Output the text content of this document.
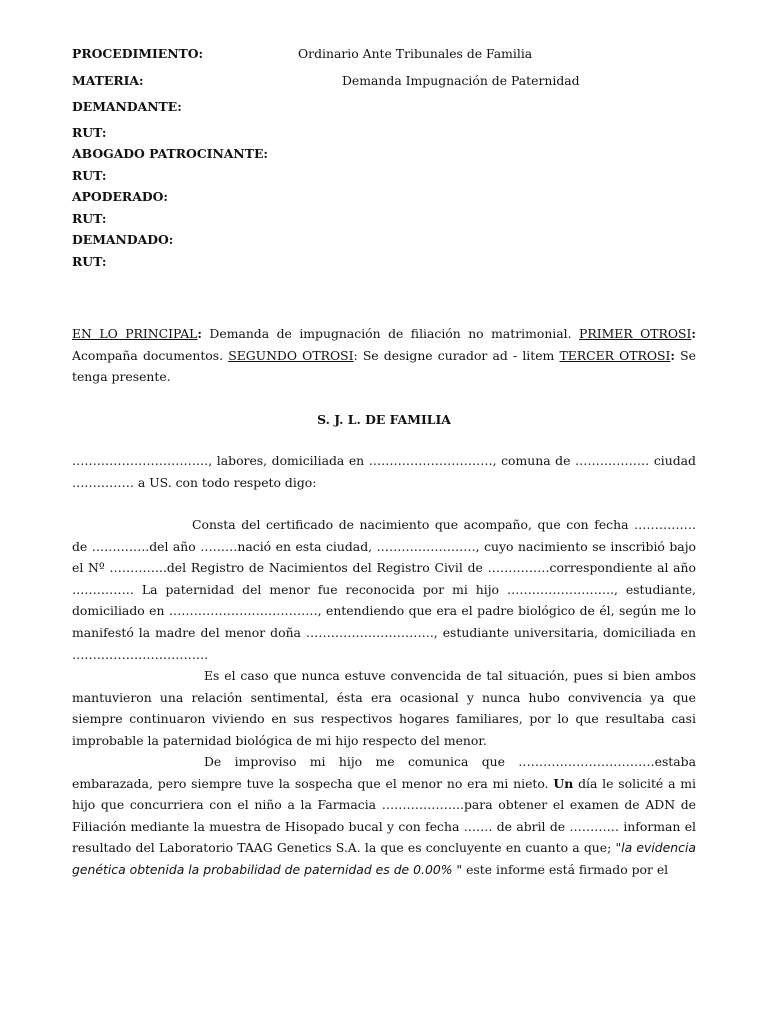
PROCEDIMIENTO:	Ordinario Ante Tribunales de Familia
MATERIA:	Demanda Impugnación de Paternidad
DEMANDANTE:
RUT:
ABOGADO PATROCINANTE:
RUT:
APODERADO:
RUT:
DEMANDADO:
RUT:
EN LO PRINCIPAL: Demanda de impugnación de filiación no matrimonial. PRIMER OTROSI: Acompaña documentos. SEGUNDO OTROSI: Se designe curador ad - litem TERCER OTROSI: Se tenga presente.
S. J. L. DE FAMILIA
……………………………, labores, domiciliada en …………………………, comuna de ……………… ciudad …………… a US. con todo respeto digo:
Consta del certificado de nacimiento que acompaño, que con fecha …………… de …………..del año ………nació en esta ciudad, ……………………, cuyo nacimiento se inscribió bajo el Nº …………..del Registro de Nacimientos del Registro Civil de ……………correspondiente al año …………… La paternidad del menor fue reconocida por mi hijo …………………….., estudiante, domiciliado en ………………………………, entendiendo que era el padre biológico de él, según me lo manifestó la madre del menor doña …………………………., estudiante universitaria, domiciliada en ……………………………
Es el caso que nunca estuve convencida de tal situación, pues si bien ambos mantuvieron una relación sentimental, ésta era ocasional y nunca hubo convivencia ya que siempre continuaron viviendo en sus respectivos hogares familiares, por lo que resultaba casi improbable la paternidad biológica de mi hijo respecto del menor.
De improviso mi hijo me comunica que ……………………………estaba embarazada, pero siempre tuve la sospecha que el menor no era mi nieto. Un día le solicité a mi hijo que concurriera con el niño a la Farmacia ………………..para obtener el examen de ADN de Filiación mediante la muestra de Hisopado bucal y con fecha ……. de abril de ………… informan el resultado del Laboratorio TAAG Genetics S.A. la que es concluyente en cuanto a que; "la evidencia genética obtenida la probabilidad de paternidad es de 0.00% " este informe está firmado por el
